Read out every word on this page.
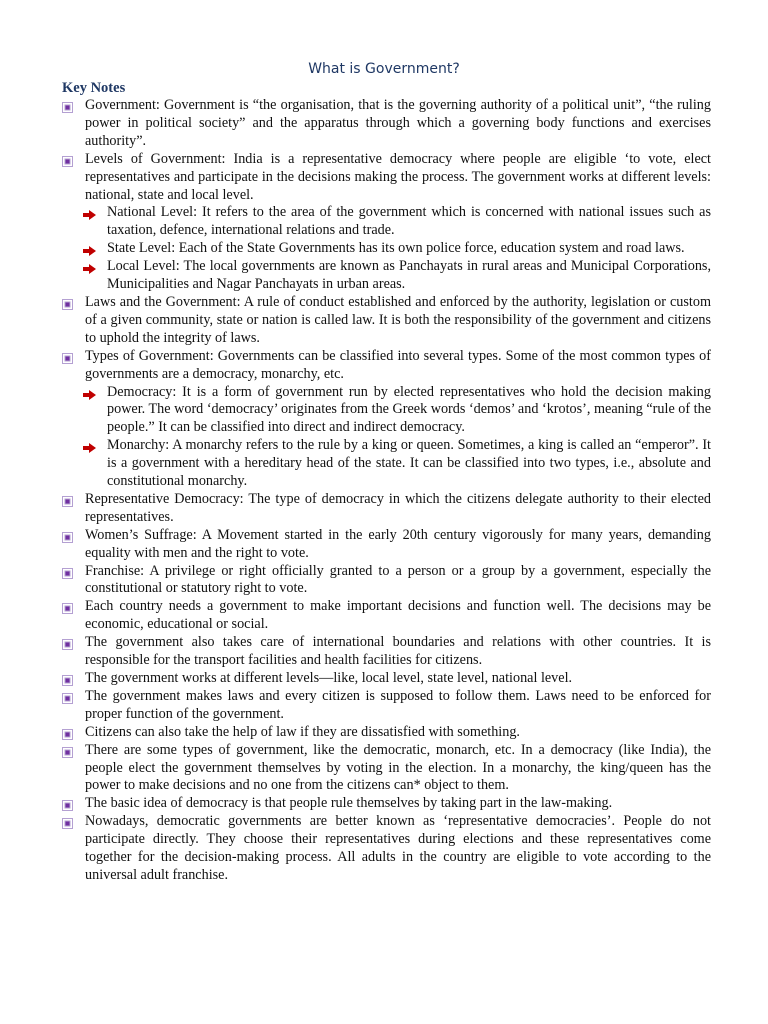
What is Government?
Key Notes
Government: Government is “the organisation, that is the governing authority of a political unit”, “the ruling power in political society” and the apparatus through which a governing body functions and exercises authority”.
Levels of Government: India is a representative democracy where people are eligible ‘to vote, elect representatives and participate in the decisions making the process. The government works at different levels: national, state and local level.
National Level: It refers to the area of the government which is concerned with national issues such as taxation, defence, international relations and trade.
State Level: Each of the State Governments has its own police force, education system and road laws.
Local Level: The local governments are known as Panchayats in rural areas and Municipal Corporations, Municipalities and Nagar Panchayats in urban areas.
Laws and the Government: A rule of conduct established and enforced by the authority, legislation or custom of a given community, state or nation is called law. It is both the responsibility of the government and citizens to uphold the integrity of laws.
Types of Government: Governments can be classified into several types. Some of the most common types of governments are a democracy, monarchy, etc.
Democracy: It is a form of government run by elected representatives who hold the decision making power. The word ‘democracy’ originates from the Greek words ‘demos’ and ‘krotos’, meaning “rule of the people.” It can be classified into direct and indirect democracy.
Monarchy: A monarchy refers to the rule by a king or queen. Sometimes, a king is called an “emperor”. It is a government with a hereditary head of the state. It can be classified into two types, i.e., absolute and constitutional monarchy.
Representative Democracy: The type of democracy in which the citizens delegate authority to their elected representatives.
Women’s Suffrage: A Movement started in the early 20th century vigorously for many years, demanding equality with men and the right to vote.
Franchise: A privilege or right officially granted to a person or a group by a government, especially the constitutional or statutory right to vote.
Each country needs a government to make important decisions and function well. The decisions may be economic, educational or social.
The government also takes care of international boundaries and relations with other countries. It is responsible for the transport facilities and health facilities for citizens.
The government works at different levels—like, local level, state level, national level.
The government makes laws and every citizen is supposed to follow them. Laws need to be enforced for proper function of the government.
Citizens can also take the help of law if they are dissatisfied with something.
There are some types of government, like the democratic, monarch, etc. In a democracy (like India), the people elect the government themselves by voting in the election. In a monarchy, the king/queen has the power to make decisions and no one from the citizens can* object to them.
The basic idea of democracy is that people rule themselves by taking part in the law-making.
Nowadays, democratic governments are better known as ‘representative democracies’. People do not participate directly. They choose their representatives during elections and these representatives come together for the decision-making process. All adults in the country are eligible to vote according to the universal adult franchise.
